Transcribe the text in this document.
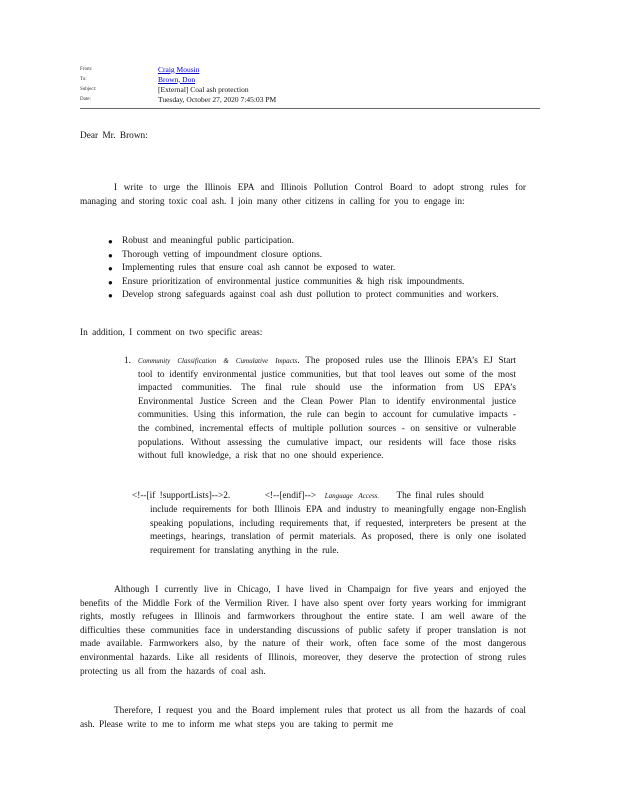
From:	Craig Mousin
To:	Brown, Don
Subject:	[External] Coal ash protection
Date:	Tuesday, October 27, 2020 7:45:03 PM
Dear Mr. Brown:
I write to urge the Illinois EPA and Illinois Pollution Control Board to adopt strong rules for managing and storing toxic coal ash. I join many other citizens in calling for you to engage in:
● Robust and meaningful public participation.
● Thorough vetting of impoundment closure options.
● Implementing rules that ensure coal ash cannot be exposed to water.
● Ensure prioritization of environmental justice communities & high risk impoundments.
● Develop strong safeguards against coal ash dust pollution to protect communities and workers.
In addition, I comment on two specific areas:
1. Community Classification & Cumulative Impacts. The proposed rules use the Illinois EPA’s EJ Start tool to identify environmental justice communities, but that tool leaves out some of the most impacted communities. The final rule should use the information from US EPA’s Environmental Justice Screen and the Clean Power Plan to identify environmental justice communities. Using this information, the rule can begin to account for cumulative impacts - the combined, incremental effects of multiple pollution sources - on sensitive or vulnerable populations. Without assessing the cumulative impact, our residents will face those risks without full knowledge, a risk that no one should experience.
<!--[if !supportLists]-->2.	<!--[endif]--> Language Access. The final rules should
include requirements for both Illinois EPA and industry to meaningfully engage non-English speaking populations, including requirements that, if requested, interpreters be present at the meetings, hearings, translation of permit materials. As proposed, there is only one isolated requirement for translating anything in the rule.
Although I currently live in Chicago, I have lived in Champaign for five years and enjoyed the benefits of the Middle Fork of the Vermilion River. I have also spent over forty years working for immigrant rights, mostly refugees in Illinois and farmworkers throughout the entire state. I am well aware of the difficulties these communities face in understanding discussions of public safety if proper translation is not made available. Farmworkers also, by the nature of their work, often face some of the most dangerous environmental hazards. Like all residents of Illinois, moreover, they deserve the protection of strong rules protecting us all from the hazards of coal ash.
Therefore, I request you and the Board implement rules that protect us all from the hazards of coal ash. Please write to me to inform me what steps you are taking to permit me
